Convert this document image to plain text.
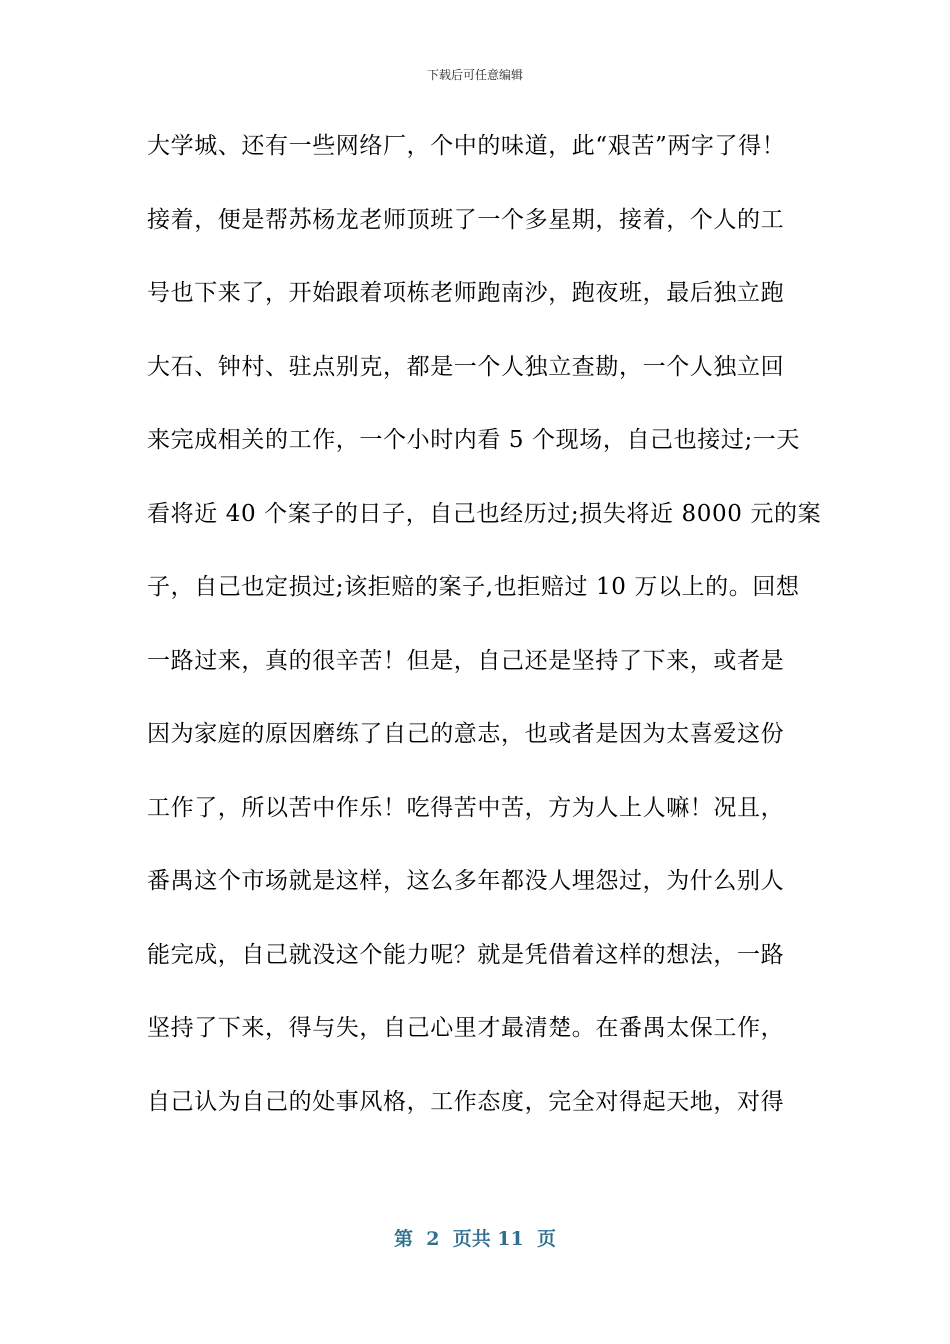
下载后可任意编辑
大学城、还有一些网络厂，个中的味道，此“艰苦”两字了得！
接着，便是帮苏杨龙老师顶班了一个多星期，接着，个人的工
号也下来了，开始跟着项栋老师跑南沙，跑夜班，最后独立跑
大石、钟村、驻点别克，都是一个人独立查勘，一个人独立回
来完成相关的工作，一个小时内看 5 个现场，自己也接过;一天
看将近 40 个案子的日子，自己也经历过;损失将近 8000 元的案
子，自己也定损过;该拒赔的案子,也拒赔过 10 万以上的。回想
一路过来，真的很辛苦！但是，自己还是坚持了下来，或者是
因为家庭的原因磨练了自己的意志，也或者是因为太喜爱这份
工作了，所以苦中作乐！吃得苦中苦，方为人上人嘛！况且，
番禺这个市场就是这样，这么多年都没人埋怨过，为什么别人
能完成，自己就没这个能力呢？就是凭借着这样的想法，一路
坚持了下来，得与失，自己心里才最清楚。在番禺太保工作，
自己认为自己的处事风格，工作态度，完全对得起天地，对得
第  2  页共 11  页
